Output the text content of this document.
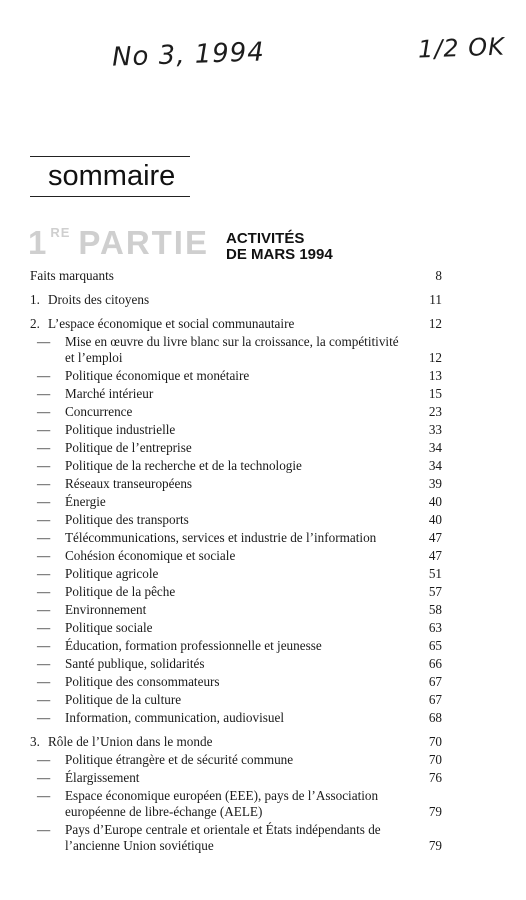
No 3, 1994	1/2 OK
sommaire
1 $^{RE}$ PARTIE ACTIVITÉS
DE MARS 1994
Faits marquants	8
1. Droits des citoyens	11
2. L’espace économique et social communautaire	12
—	Mise en œuvre du livre blanc sur la croissance, la compétitivité et l’emploi	12
—	Politique économique et monétaire	13
—	Marché intérieur	15
—	Concurrence	23
—	Politique industrielle	33
—	Politique de l’entreprise	34
—	Politique de la recherche et de la technologie	34
—	Réseaux transeuropéens	39
—	Énergie	40
—	Politique des transports	40
—	Télécommunications, services et industrie de l’information	47
—	Cohésion économique et sociale	47
—	Politique agricole	51
—	Politique de la pêche	57
—	Environnement	58
—	Politique sociale	63
—	Éducation, formation professionnelle et jeunesse	65
—	Santé publique, solidarités	66
—	Politique des consommateurs	67
—	Politique de la culture	67
—	Information, communication, audiovisuel	68
3. Rôle de l’Union dans le monde	70
—	Politique étrangère et de sécurité commune	70
—	Élargissement	76
—	Espace économique européen (EEE), pays de l’Association européenne de libre-échange (AELE)	79
—	Pays d’Europe centrale et orientale et États indépendants de l’ancienne Union soviétique	79
